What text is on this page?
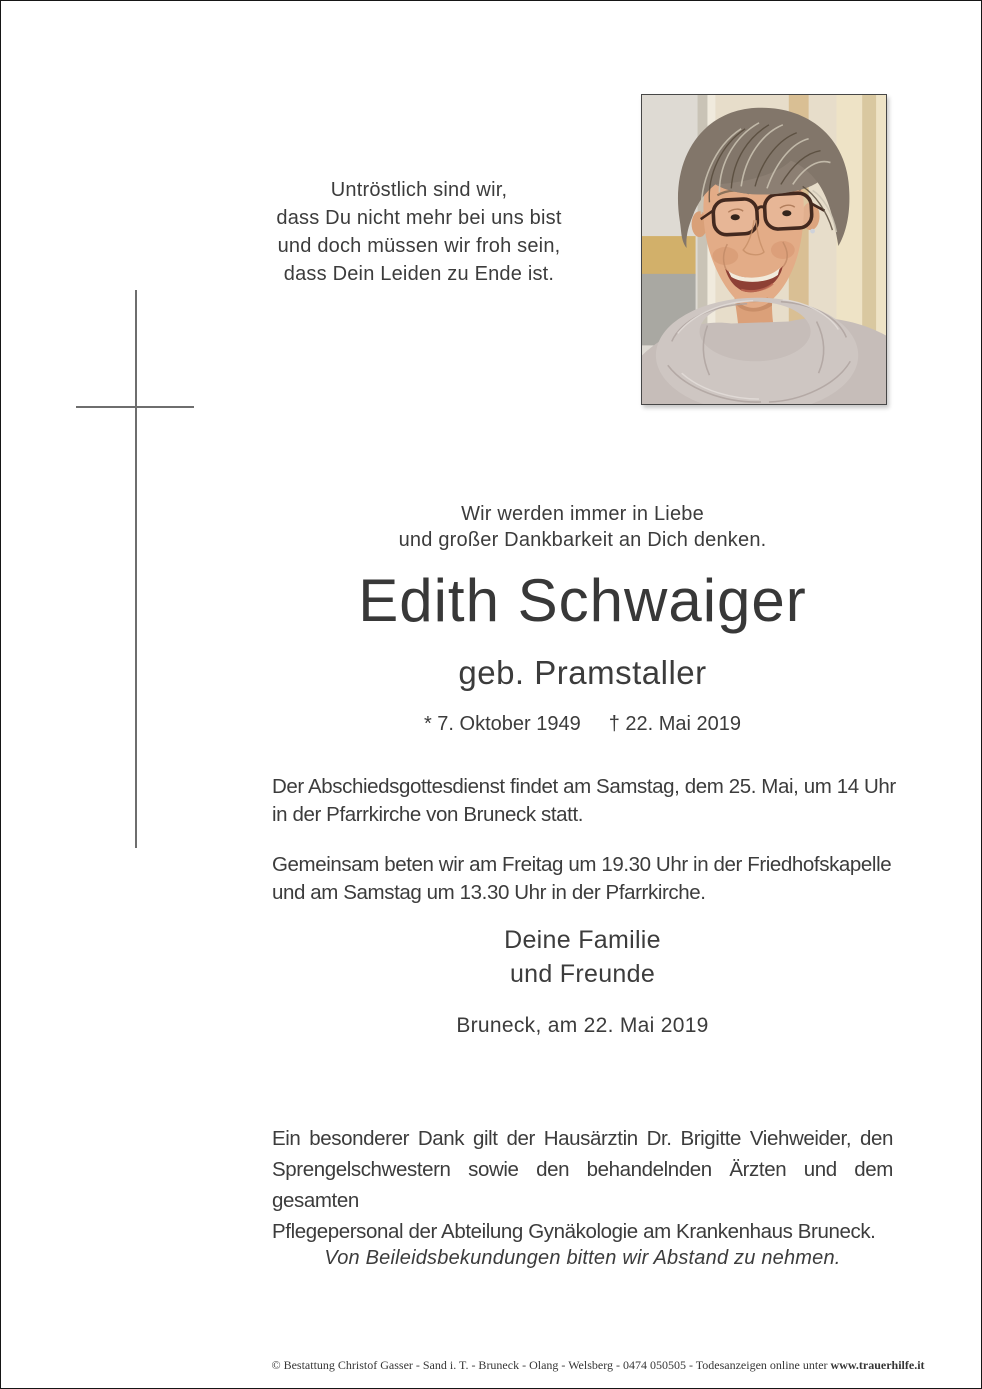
Untröstlich sind wir,
dass Du nicht mehr bei uns bist
und doch müssen wir froh sein,
dass Dein Leiden zu Ende ist.
Wir werden immer in Liebe
und großer Dankbarkeit an Dich denken.
Edith Schwaiger
geb. Pramstaller
* 7. Oktober 1949 † 22. Mai 2019
Der Abschiedsgottesdienst findet am Samstag, dem 25. Mai, um 14 Uhr
in der Pfarrkirche von Bruneck statt.
Gemeinsam beten wir am Freitag um 19.30 Uhr in der Friedhofskapelle
und am Samstag um 13.30 Uhr in der Pfarrkirche.
Deine Familie
und Freunde
Bruneck, am 22. Mai 2019
Ein besonderer Dank gilt der Hausärztin Dr. Brigitte Viehweider, den
Sprengelschwestern sowie den behandelnden Ärzten und dem gesamten
Pflegepersonal der Abteilung Gynäkologie am Krankenhaus Bruneck.
Von Beileidsbekundungen bitten wir Abstand zu nehmen.
© Bestattung Christof Gasser - Sand i. T. - Bruneck - Olang - Welsberg - 0474 050505 - Todesanzeigen online unter www.trauerhilfe.it
